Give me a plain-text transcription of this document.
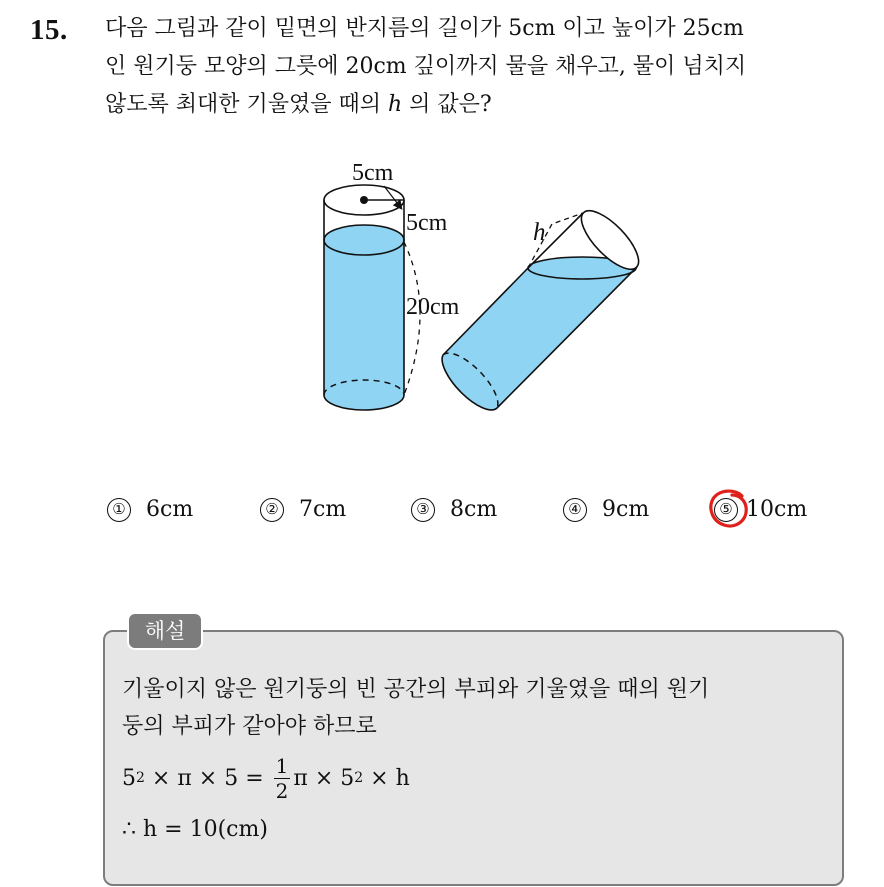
15. 다음 그림과 같이 밑면의 반지름의 길이가 5cm 이고 높이가 25cm
인 원기둥 모양의 그릇에 20cm 깊이까지 물을 채우고, 물이 넘치지
않도록 최대한 기울였을 때의 h 의 값은?
5cm
5cm
20cm
h
① 6cm	② 7cm	③ 8cm	④ 9cm	⑤ 10cm
해설
기울이지 않은 원기둥의 빈 공간의 부피와 기울였을 때의 원기
둥의 부피가 같아야 하므로
5 $2 \times \pi \times 5 = \frac{1}{2}$ π × 5 2 × h
∴ h = 10(cm)
